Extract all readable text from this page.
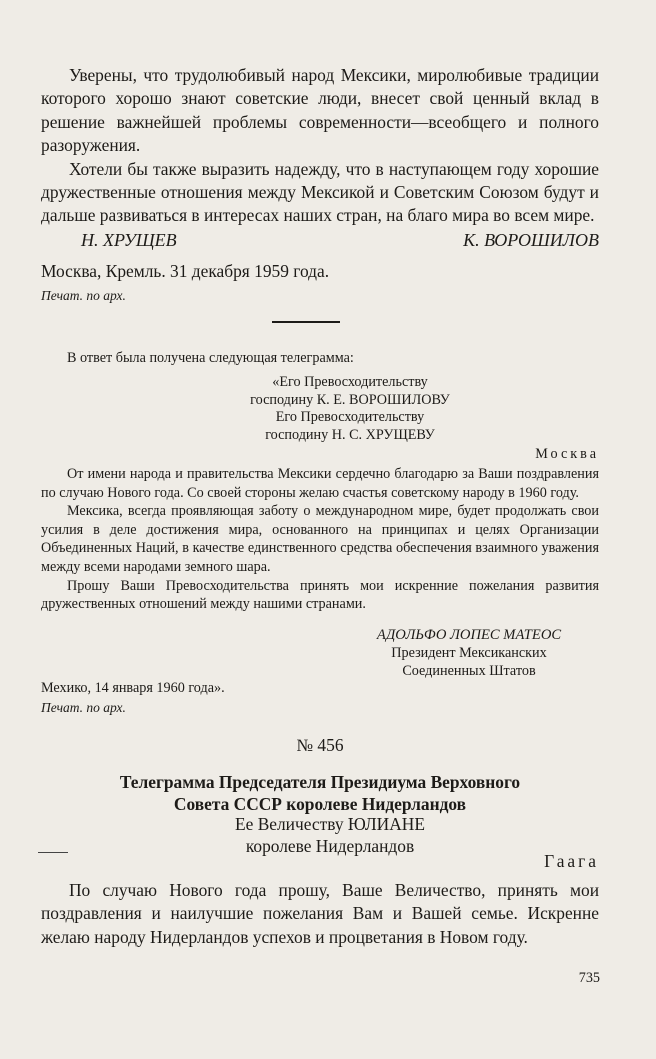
Уверены, что трудолюбивый народ Мексики, миролюбивые традиции которого хорошо знают советские люди, внесет свой ценный вклад в решение важнейшей проблемы современности—всеобщего и полного разоружения.

Хотели бы также выразить надежду, что в наступающем году хорошие дружественные отношения между Мексикой и Советским Союзом будут и дальше развиваться в интересах наших стран, на благо мира во всем мире.

Н. ХРУЩЕВ	К. ВОРОШИЛОВ
Москва, Кремль. 31 декабря 1959 года.
Печат. по арх.
В ответ была получена следующая телеграмма:
«Его Превосходительству
господину К. Е. ВОРОШИЛОВУ
Его Превосходительству
господину Н. С. ХРУЩЕВУ
Москва

От имени народа и правительства Мексики сердечно благодарю за Ваши поздравления по случаю Нового года. Со своей стороны желаю счастья советскому народу в 1960 году.

Мексика, всегда проявляющая заботу о международном мире, будет продолжать свои усилия в деле достижения мира, основанного на принципах и целях Организации Объединенных Наций, в качестве единственного средства обеспечения взаимного уважения между всеми народами земного шара.

Прошу Ваши Превосходительства принять мои искренние пожелания развития дружественных отношений между нашими странами.

АДОЛЬФО ЛОПЕС МАТЕОС
Президент Мексиканских
Соединенных Штатов
Мехико, 14 января 1960 года».
Печат. по арх.
№ 456
Телеграмма Председателя Президиума Верховного
Совета СССР королеве Нидерландов
Ее Величеству ЮЛИАНЕ
королеве Нидерландов
Гаага

По случаю Нового года прошу, Ваше Величество, принять мои поздравления и наилучшие пожелания Вам и Вашей семье. Искренне желаю народу Нидерландов успехов и процветания в Новом году.

735
